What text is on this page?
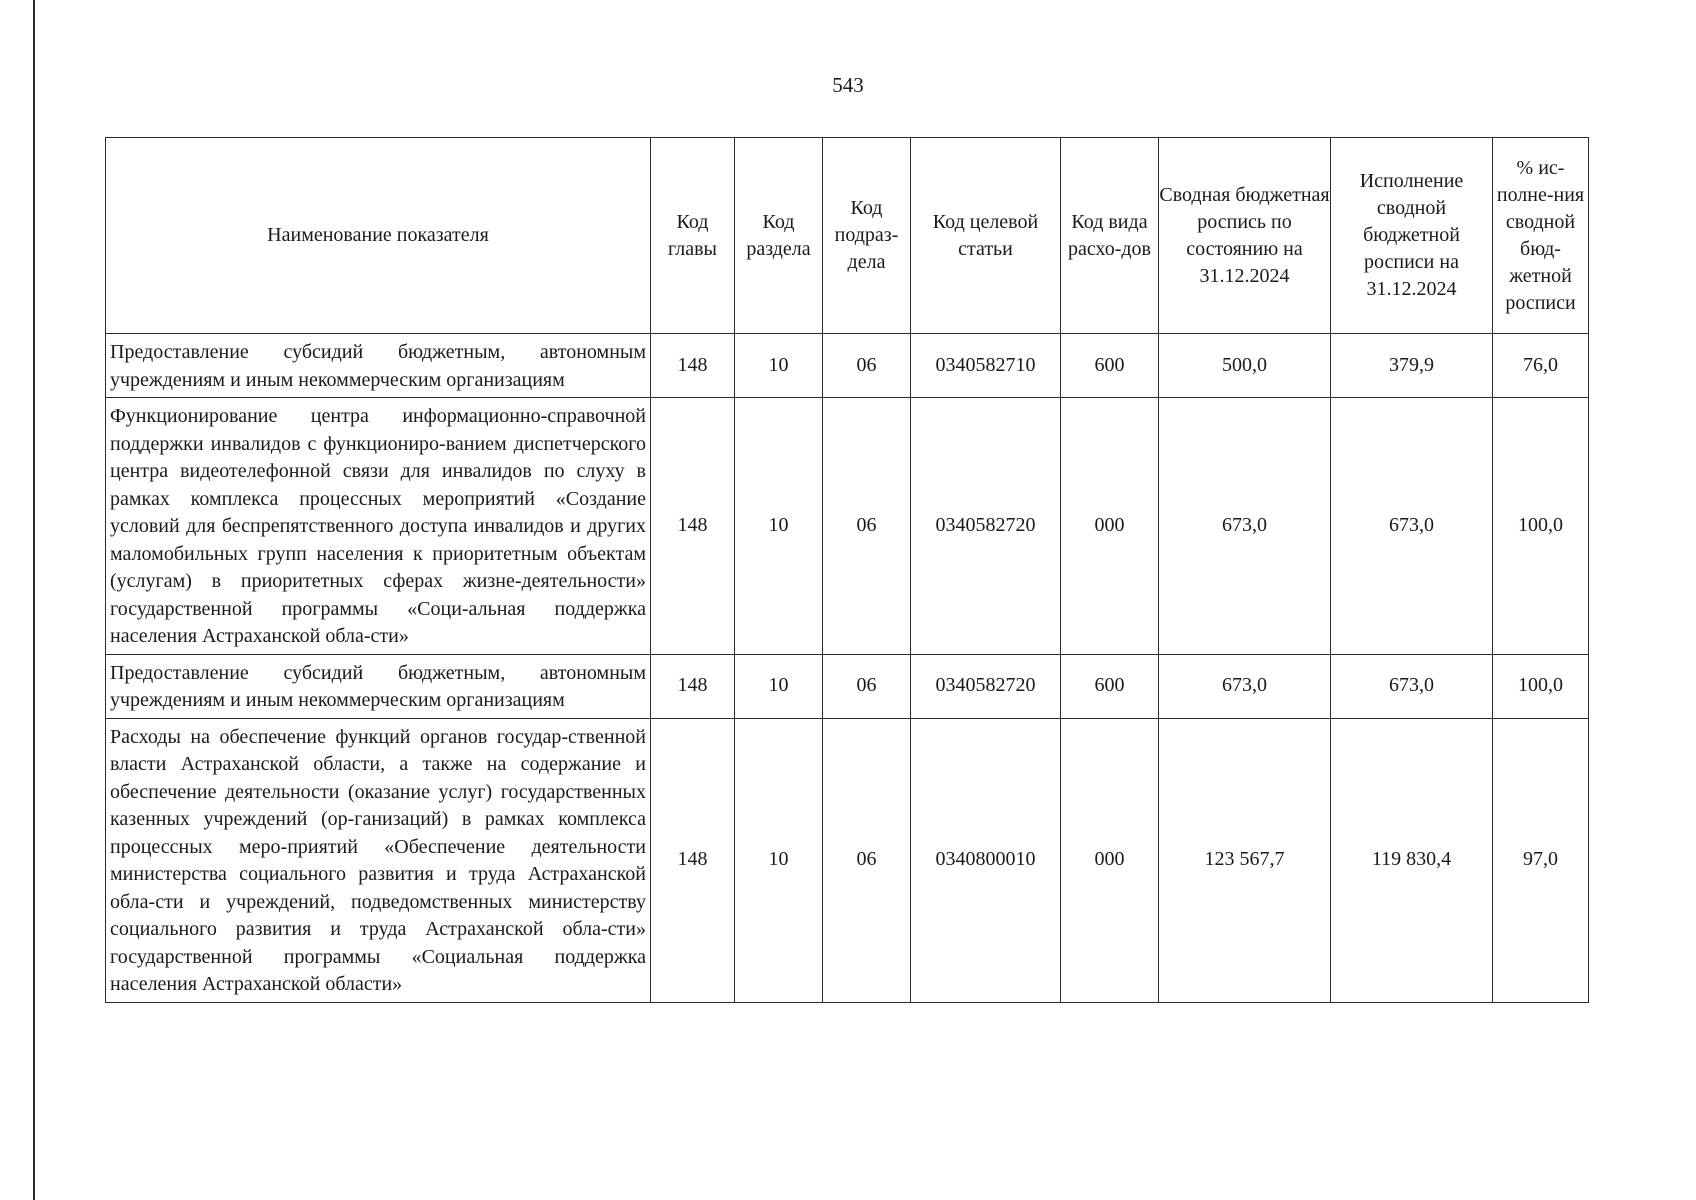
543
Наименование показателя	Код главы	Код раздела	Код подраз-дела	Код целевой статьи	Код вида расхо-дов	Сводная бюджетная роспись по состоянию на 31.12.2024	Исполнение сводной бюджетной росписи на 31.12.2024	% ис-полне-ния сводной бюд-жетной росписи
Предоставление субсидий бюджетным, автономным учреждениям и иным некоммерческим организациям	148	10	06	0340582710	600	500,0	379,9	76,0
Функционирование центра информационно-справочной поддержки инвалидов с функциониро-ванием диспетчерского центра видеотелефонной связи для инвалидов по слуху в рамках комплекса процессных мероприятий «Создание условий для беспрепятственного доступа инвалидов и других маломобильных групп населения к приоритетным объектам (услугам) в приоритетных сферах жизне-деятельности» государственной программы «Соци-альная поддержка населения Астраханской обла-сти»	148	10	06	0340582720	000	673,0	673,0	100,0
Предоставление субсидий бюджетным, автономным учреждениям и иным некоммерческим организациям	148	10	06	0340582720	600	673,0	673,0	100,0
Расходы на обеспечение функций органов государ-ственной власти Астраханской области, а также на содержание и обеспечение деятельности (оказание услуг) государственных казенных учреждений (ор-ганизаций) в рамках комплекса процессных меро-приятий «Обеспечение деятельности министерства социального развития и труда Астраханской обла-сти и учреждений, подведомственных министерству социального развития и труда Астраханской обла-сти» государственной программы «Социальная поддержка населения Астраханской области»	148	10	06	0340800010	000	123 567,7	119 830,4	97,0
